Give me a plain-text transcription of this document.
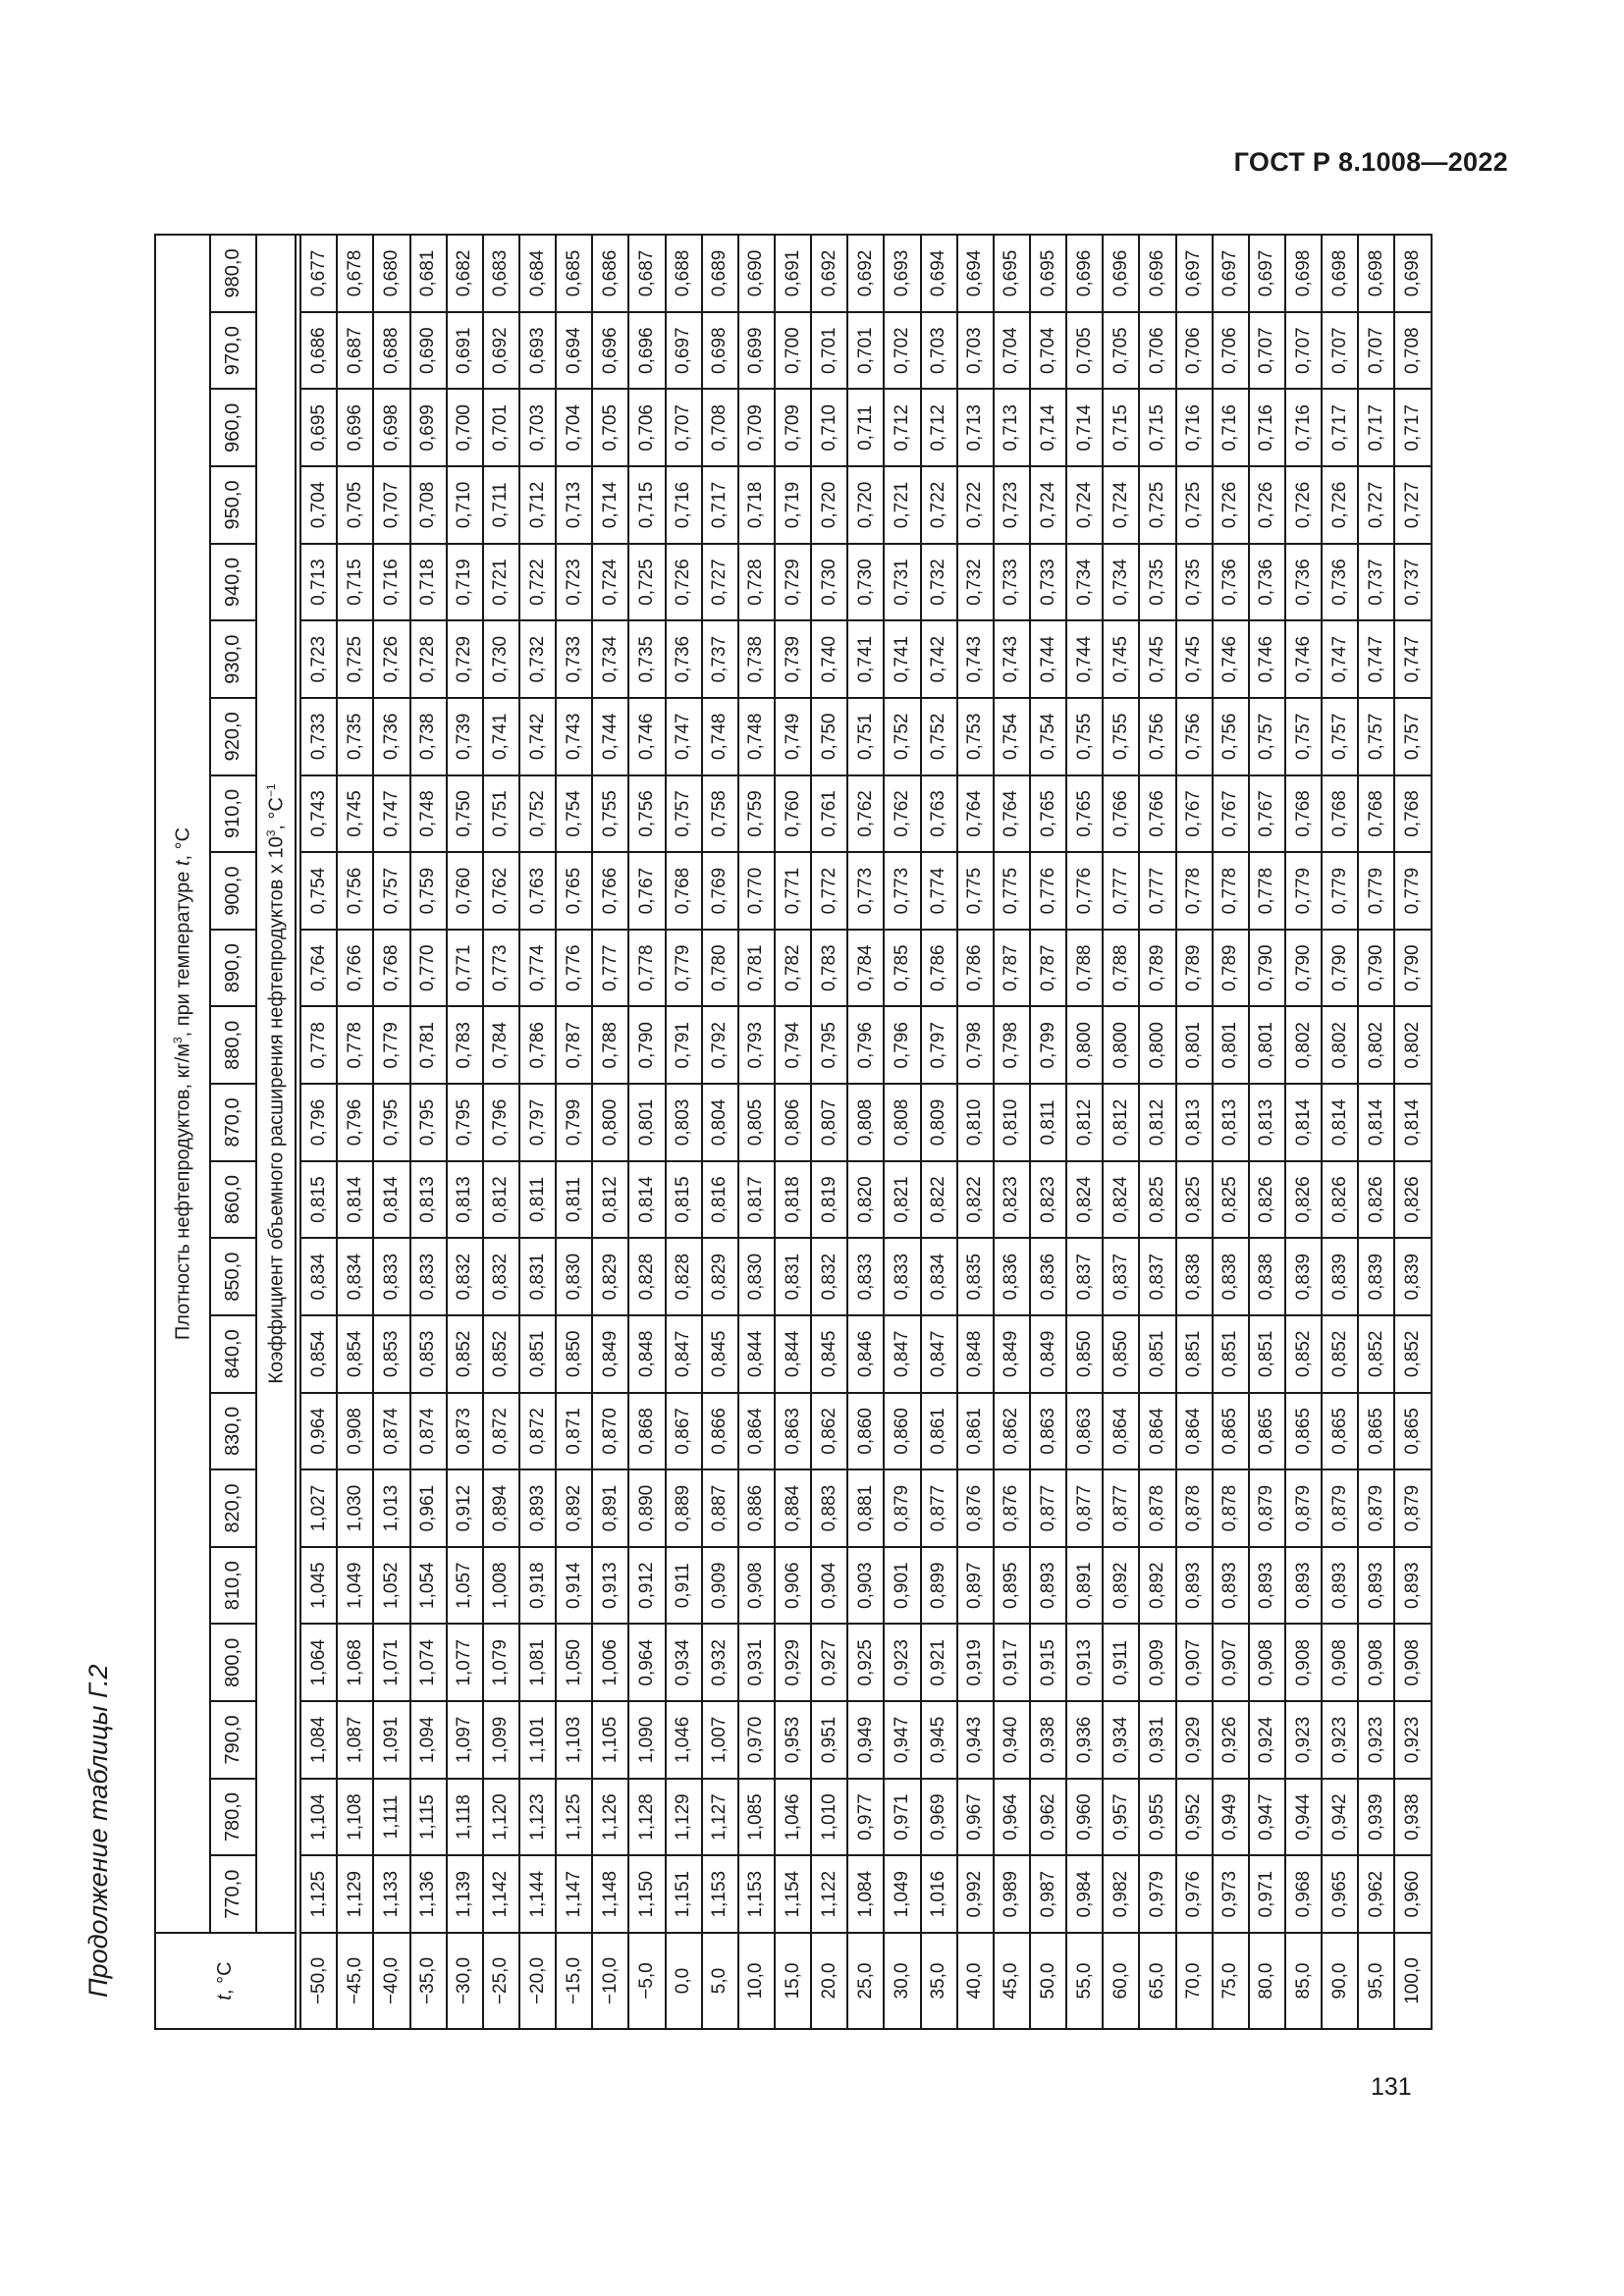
ГОСТ Р 8.1008—2022
Продолжение таблицы Г.2	t, °C	Плотность нефтепродуктов, $кг/м^3$, при температуре t, °C																					
	770,0	780,0	790,0	800,0	810,0	820,0	830,0	840,0	850,0	860,0	870,0	880,0	890,0	900,0	910,0	920,0	930,0	940,0	950,0	960,0	970,0	980,0
	Коэффициент объемного расширения нефтепродуктов x $10^3$, $^\circ C^{-1}$

−50,0	1,125	1,104	1,084	1,064	1,045	1,027	0,964	0,854	0,834	0,815	0,796	0,778	0,764	0,754	0,743	0,733	0,723	0,713	0,704	0,695	0,686	0,677
−45,0	1,129	1,108	1,087	1,068	1,049	1,030	0,908	0,854	0,834	0,814	0,796	0,778	0,766	0,756	0,745	0,735	0,725	0,715	0,705	0,696	0,687	0,678
−40,0	1,133	1,111	1,091	1,071	1,052	1,013	0,874	0,853	0,833	0,814	0,795	0,779	0,768	0,757	0,747	0,736	0,726	0,716	0,707	0,698	0,688	0,680
−35,0	1,136	1,115	1,094	1,074	1,054	0,961	0,874	0,853	0,833	0,813	0,795	0,781	0,770	0,759	0,748	0,738	0,728	0,718	0,708	0,699	0,690	0,681
−30,0	1,139	1,118	1,097	1,077	1,057	0,912	0,873	0,852	0,832	0,813	0,795	0,783	0,771	0,760	0,750	0,739	0,729	0,719	0,710	0,700	0,691	0,682
−25,0	1,142	1,120	1,099	1,079	1,008	0,894	0,872	0,852	0,832	0,812	0,796	0,784	0,773	0,762	0,751	0,741	0,730	0,721	0,711	0,701	0,692	0,683
−20,0	1,144	1,123	1,101	1,081	0,918	0,893	0,872	0,851	0,831	0,811	0,797	0,786	0,774	0,763	0,752	0,742	0,732	0,722	0,712	0,703	0,693	0,684
−15,0	1,147	1,125	1,103	1,050	0,914	0,892	0,871	0,850	0,830	0,811	0,799	0,787	0,776	0,765	0,754	0,743	0,733	0,723	0,713	0,704	0,694	0,685
−10,0	1,148	1,126	1,105	1,006	0,913	0,891	0,870	0,849	0,829	0,812	0,800	0,788	0,777	0,766	0,755	0,744	0,734	0,724	0,714	0,705	0,696	0,686
−5,0	1,150	1,128	1,090	0,964	0,912	0,890	0,868	0,848	0,828	0,814	0,801	0,790	0,778	0,767	0,756	0,746	0,735	0,725	0,715	0,706	0,696	0,687
0,0	1,151	1,129	1,046	0,934	0,911	0,889	0,867	0,847	0,828	0,815	0,803	0,791	0,779	0,768	0,757	0,747	0,736	0,726	0,716	0,707	0,697	0,688
5,0	1,153	1,127	1,007	0,932	0,909	0,887	0,866	0,845	0,829	0,816	0,804	0,792	0,780	0,769	0,758	0,748	0,737	0,727	0,717	0,708	0,698	0,689
10,0	1,153	1,085	0,970	0,931	0,908	0,886	0,864	0,844	0,830	0,817	0,805	0,793	0,781	0,770	0,759	0,748	0,738	0,728	0,718	0,709	0,699	0,690
15,0	1,154	1,046	0,953	0,929	0,906	0,884	0,863	0,844	0,831	0,818	0,806	0,794	0,782	0,771	0,760	0,749	0,739	0,729	0,719	0,709	0,700	0,691
20,0	1,122	1,010	0,951	0,927	0,904	0,883	0,862	0,845	0,832	0,819	0,807	0,795	0,783	0,772	0,761	0,750	0,740	0,730	0,720	0,710	0,701	0,692
25,0	1,084	0,977	0,949	0,925	0,903	0,881	0,860	0,846	0,833	0,820	0,808	0,796	0,784	0,773	0,762	0,751	0,741	0,730	0,720	0,711	0,701	0,692
30,0	1,049	0,971	0,947	0,923	0,901	0,879	0,860	0,847	0,833	0,821	0,808	0,796	0,785	0,773	0,762	0,752	0,741	0,731	0,721	0,712	0,702	0,693
35,0	1,016	0,969	0,945	0,921	0,899	0,877	0,861	0,847	0,834	0,822	0,809	0,797	0,786	0,774	0,763	0,752	0,742	0,732	0,722	0,712	0,703	0,694
40,0	0,992	0,967	0,943	0,919	0,897	0,876	0,861	0,848	0,835	0,822	0,810	0,798	0,786	0,775	0,764	0,753	0,743	0,732	0,722	0,713	0,703	0,694
45,0	0,989	0,964	0,940	0,917	0,895	0,876	0,862	0,849	0,836	0,823	0,810	0,798	0,787	0,775	0,764	0,754	0,743	0,733	0,723	0,713	0,704	0,695
50,0	0,987	0,962	0,938	0,915	0,893	0,877	0,863	0,849	0,836	0,823	0,811	0,799	0,787	0,776	0,765	0,754	0,744	0,733	0,724	0,714	0,704	0,695
55,0	0,984	0,960	0,936	0,913	0,891	0,877	0,863	0,850	0,837	0,824	0,812	0,800	0,788	0,776	0,765	0,755	0,744	0,734	0,724	0,714	0,705	0,696
60,0	0,982	0,957	0,934	0,911	0,892	0,877	0,864	0,850	0,837	0,824	0,812	0,800	0,788	0,777	0,766	0,755	0,745	0,734	0,724	0,715	0,705	0,696
65,0	0,979	0,955	0,931	0,909	0,892	0,878	0,864	0,851	0,837	0,825	0,812	0,800	0,789	0,777	0,766	0,756	0,745	0,735	0,725	0,715	0,706	0,696
70,0	0,976	0,952	0,929	0,907	0,893	0,878	0,864	0,851	0,838	0,825	0,813	0,801	0,789	0,778	0,767	0,756	0,745	0,735	0,725	0,716	0,706	0,697
75,0	0,973	0,949	0,926	0,907	0,893	0,878	0,865	0,851	0,838	0,825	0,813	0,801	0,789	0,778	0,767	0,756	0,746	0,736	0,726	0,716	0,706	0,697
80,0	0,971	0,947	0,924	0,908	0,893	0,879	0,865	0,851	0,838	0,826	0,813	0,801	0,790	0,778	0,767	0,757	0,746	0,736	0,726	0,716	0,707	0,697
85,0	0,968	0,944	0,923	0,908	0,893	0,879	0,865	0,852	0,839	0,826	0,814	0,802	0,790	0,779	0,768	0,757	0,746	0,736	0,726	0,716	0,707	0,698
90,0	0,965	0,942	0,923	0,908	0,893	0,879	0,865	0,852	0,839	0,826	0,814	0,802	0,790	0,779	0,768	0,757	0,747	0,736	0,726	0,717	0,707	0,698
95,0	0,962	0,939	0,923	0,908	0,893	0,879	0,865	0,852	0,839	0,826	0,814	0,802	0,790	0,779	0,768	0,757	0,747	0,737	0,727	0,717	0,707	0,698
100,0	0,960	0,938	0,923	0,908	0,893	0,879	0,865	0,852	0,839	0,826	0,814	0,802	0,790	0,779	0,768	0,757	0,747	0,737	0,727	0,717	0,708	0,698
131
